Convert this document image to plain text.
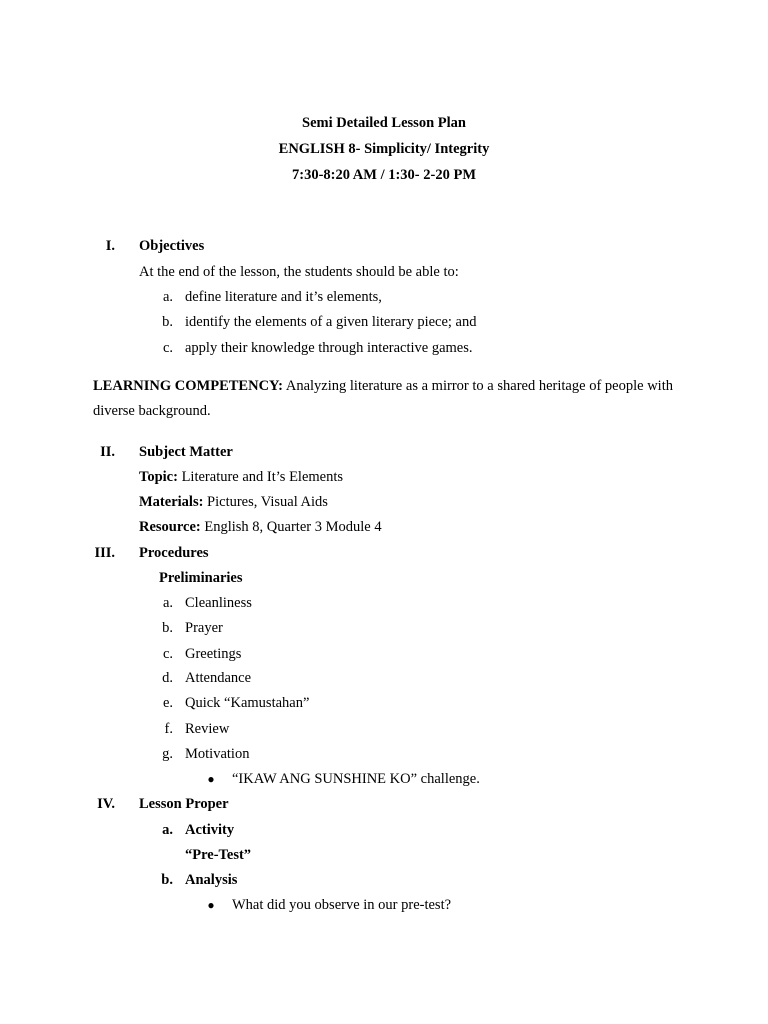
Semi Detailed Lesson Plan
ENGLISH 8- Simplicity/ Integrity
7:30-8:20 AM / 1:30- 2-20 PM
I. Objectives
At the end of the lesson, the students should be able to:
a. define literature and it’s elements,
b. identify the elements of a given literary piece; and
c. apply their knowledge through interactive games.
LEARNING COMPETENCY: Analyzing literature as a mirror to a shared heritage of people with diverse background.
II. Subject Matter
Topic: Literature and It’s Elements
Materials: Pictures, Visual Aids
Resource: English 8, Quarter 3 Module 4
III. Procedures
Preliminaries
a. Cleanliness
b. Prayer
c. Greetings
d. Attendance
e. Quick “Kamustahan”
f. Review
g. Motivation
● “IKAW ANG SUNSHINE KO” challenge.
IV. Lesson Proper
a. Activity
“Pre-Test”
b. Analysis
● What did you observe in our pre-test?
